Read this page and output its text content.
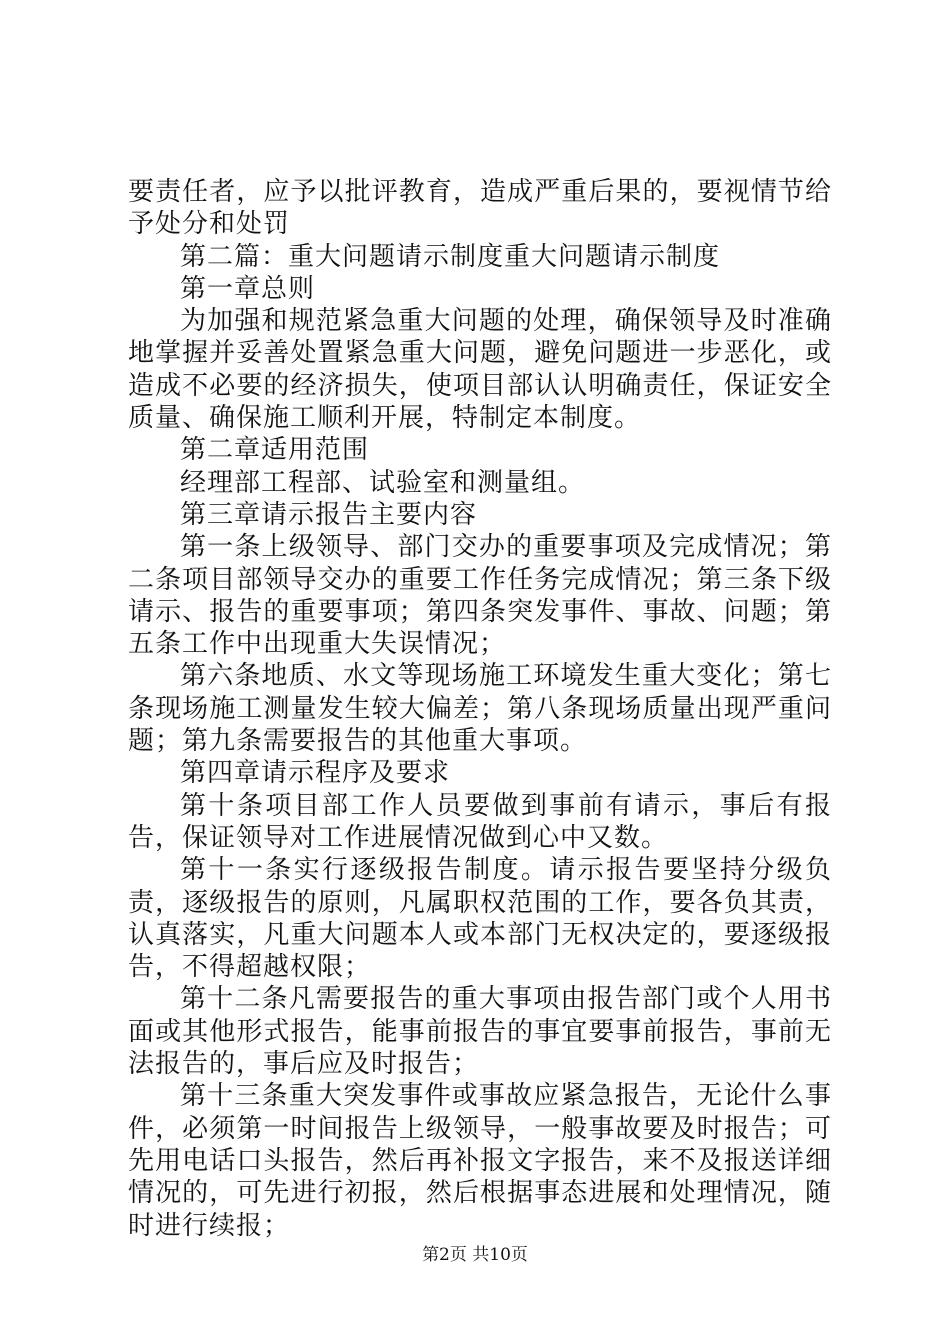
要责任者，应予以批评教育，造成严重后果的，要视情节给予处分和处罚

第二篇：重大问题请示制度重大问题请示制度

第一章总则

为加强和规范紧急重大问题的处理，确保领导及时准确地掌握并妥善处置紧急重大问题，避免问题进一步恶化，或造成不必要的经济损失，使项目部认认明确责任，保证安全质量、确保施工顺利开展，特制定本制度。

第二章适用范围

经理部工程部、试验室和测量组。

第三章请示报告主要内容

第一条上级领导、部门交办的重要事项及完成情况；第二条项目部领导交办的重要工作任务完成情况；第三条下级请示、报告的重要事项；第四条突发事件、事故、问题；第五条工作中出现重大失误情况；

第六条地质、水文等现场施工环境发生重大变化；第七条现场施工测量发生较大偏差；第八条现场质量出现严重问题；第九条需要报告的其他重大事项。

第四章请示程序及要求

第十条项目部工作人员要做到事前有请示，事后有报告，保证领导对工作进展情况做到心中又数。

第十一条实行逐级报告制度。请示报告要坚持分级负责，逐级报告的原则，凡属职权范围的工作，要各负其责，认真落实，凡重大问题本人或本部门无权决定的，要逐级报告，不得超越权限；

第十二条凡需要报告的重大事项由报告部门或个人用书面或其他形式报告，能事前报告的事宜要事前报告，事前无法报告的，事后应及时报告；

第十三条重大突发事件或事故应紧急报告，无论什么事件，必须第一时间报告上级领导，一般事故要及时报告；可先用电话口头报告，然后再补报文字报告，来不及报送详细情况的，可先进行初报，然后根据事态进展和处理情况，随时进行续报；

第2页 共10页
